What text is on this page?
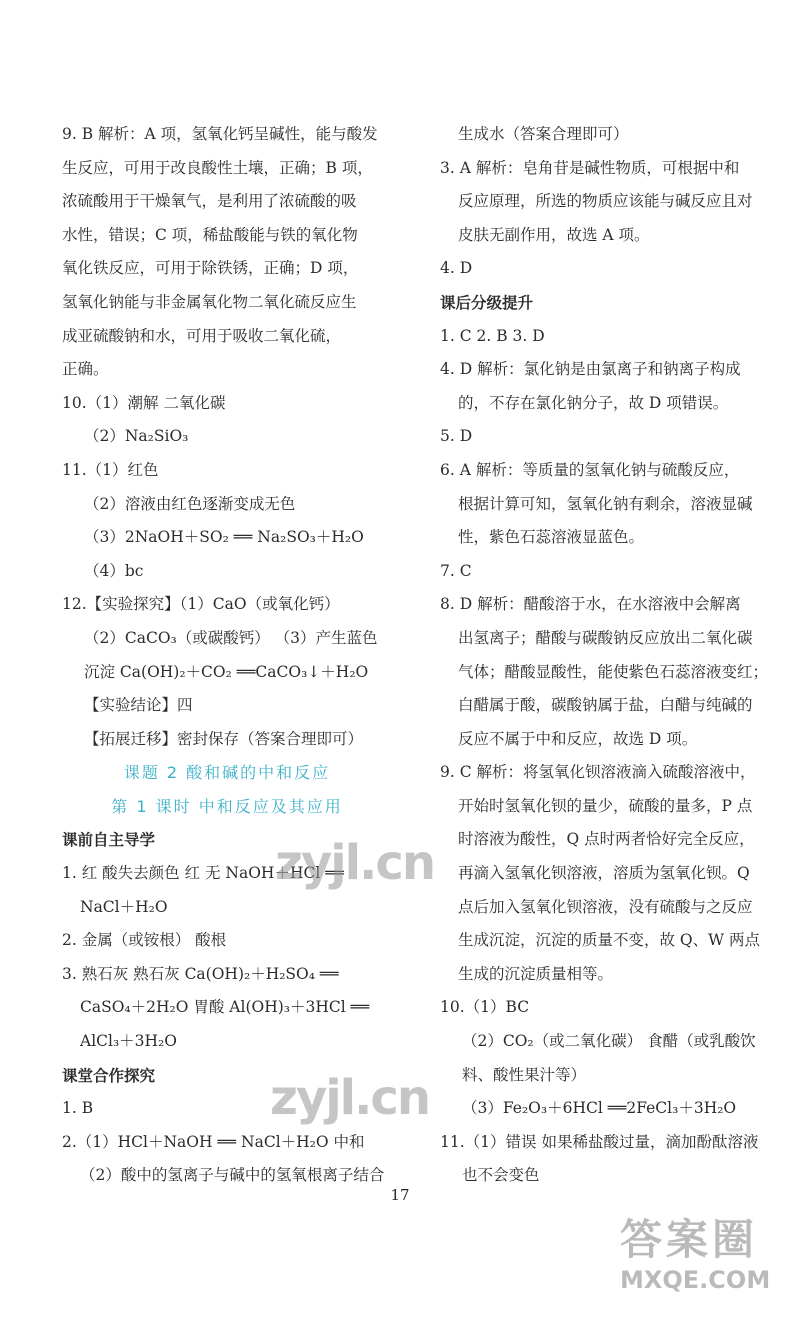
9. B 解析：A 项，氢氧化钙呈碱性，能与酸发
生反应，可用于改良酸性土壤，正确；B 项，
浓硫酸用于干燥氧气，是利用了浓硫酸的吸
水性，错误；C 项，稀盐酸能与铁的氧化物
氧化铁反应，可用于除铁锈，正确；D 项，
氢氧化钠能与非金属氧化物二氧化硫反应生
成亚硫酸钠和水，可用于吸收二氧化硫，
正确。
10.（1）潮解 二氧化碳
（2）Na₂SiO₃
11.（1）红色
（2）溶液由红色逐渐变成无色
（3）2NaOH＋SO₂ ══ Na₂SO₃＋H₂O
（4）bc
12.【实验探究】（1）CaO（或氧化钙）
（2）CaCO₃（或碳酸钙） （3）产生蓝色
沉淀 Ca(OH)₂＋CO₂ ══CaCO₃↓＋H₂O
【实验结论】四
【拓展迁移】密封保存（答案合理即可）
课题 2 酸和碱的中和反应
第 1 课时 中和反应及其应用
课前自主导学
1. 红 酸失去颜色 红 无 NaOH＋HCl ══
NaCl＋H₂O
2. 金属（或铵根） 酸根
3. 熟石灰 熟石灰 Ca(OH)₂＋H₂SO₄ ══
CaSO₄＋2H₂O 胃酸 Al(OH)₃＋3HCl ══
AlCl₃＋3H₂O
课堂合作探究
1. B
2.（1）HCl＋NaOH ══ NaCl＋H₂O 中和
（2）酸中的氢离子与碱中的氢氧根离子结合
生成水（答案合理即可）
3. A 解析：皂角苷是碱性物质，可根据中和
反应原理，所选的物质应该能与碱反应且对
皮肤无副作用，故选 A 项。
4. D
课后分级提升
1. C 2. B 3. D
4. D 解析：氯化钠是由氯离子和钠离子构成
的，不存在氯化钠分子，故 D 项错误。
5. D
6. A 解析：等质量的氢氧化钠与硫酸反应，
根据计算可知，氢氧化钠有剩余，溶液显碱
性，紫色石蕊溶液显蓝色。
7. C
8. D 解析：醋酸溶于水，在水溶液中会解离
出氢离子；醋酸与碳酸钠反应放出二氧化碳
气体；醋酸显酸性，能使紫色石蕊溶液变红；
白醋属于酸，碳酸钠属于盐，白醋与纯碱的
反应不属于中和反应，故选 D 项。
9. C 解析：将氢氧化钡溶液滴入硫酸溶液中，
开始时氢氧化钡的量少，硫酸的量多，P 点
时溶液为酸性，Q 点时两者恰好完全反应，
再滴入氢氧化钡溶液，溶质为氢氧化钡。Q
点后加入氢氧化钡溶液，没有硫酸与之反应
生成沉淀，沉淀的质量不变，故 Q、W 两点
生成的沉淀质量相等。
10.（1）BC
（2）CO₂（或二氧化碳） 食醋（或乳酸饮
料、酸性果汁等）
（3）Fe₂O₃＋6HCl ══2FeCl₃＋3H₂O
11.（1）错误 如果稀盐酸过量，滴加酚酞溶液
也不会变色
17
zyjl.cn
zyjl.cn
答案圈
MXQE.COM
